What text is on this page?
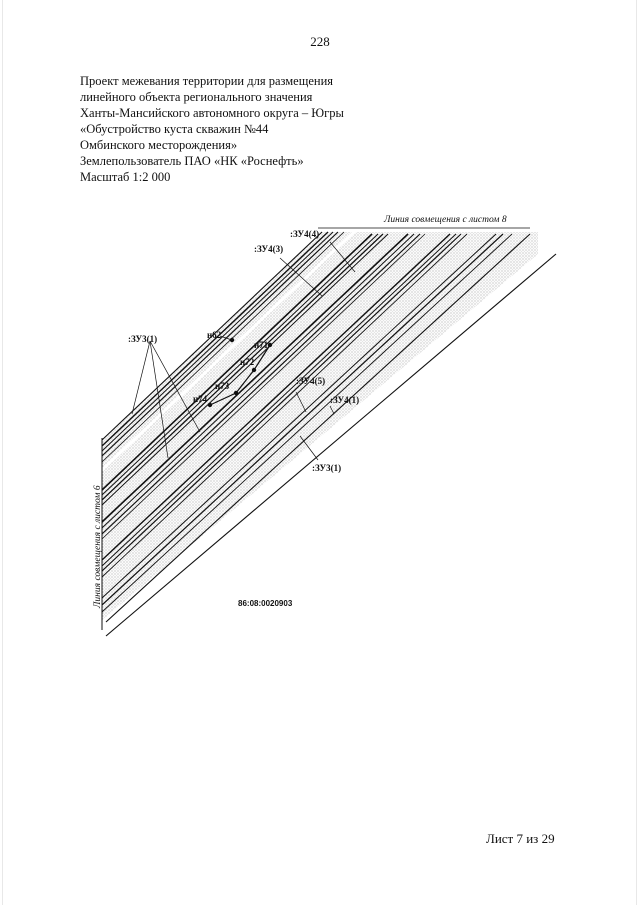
228
Проект межевания территории для размещения
линейного объекта регионального значения
Ханты-Мансийского автономного округа – Югры
«Обустройство куста скважин №44
Омбинского месторождения»
Землепользователь ПАО «НК «Роснефть»
Масштаб 1:2 000
Линия совмещения с листом 8
Линия совмещения с листом 6
:ЗУ4(4)
:ЗУ4(3)
:ЗУ3(1)
:ЗУ4(5)
:ЗУ4(1)
:ЗУ3(1)
н62
н71
н72
н73
н74
86:08:0020903
Лист 7 из 29
